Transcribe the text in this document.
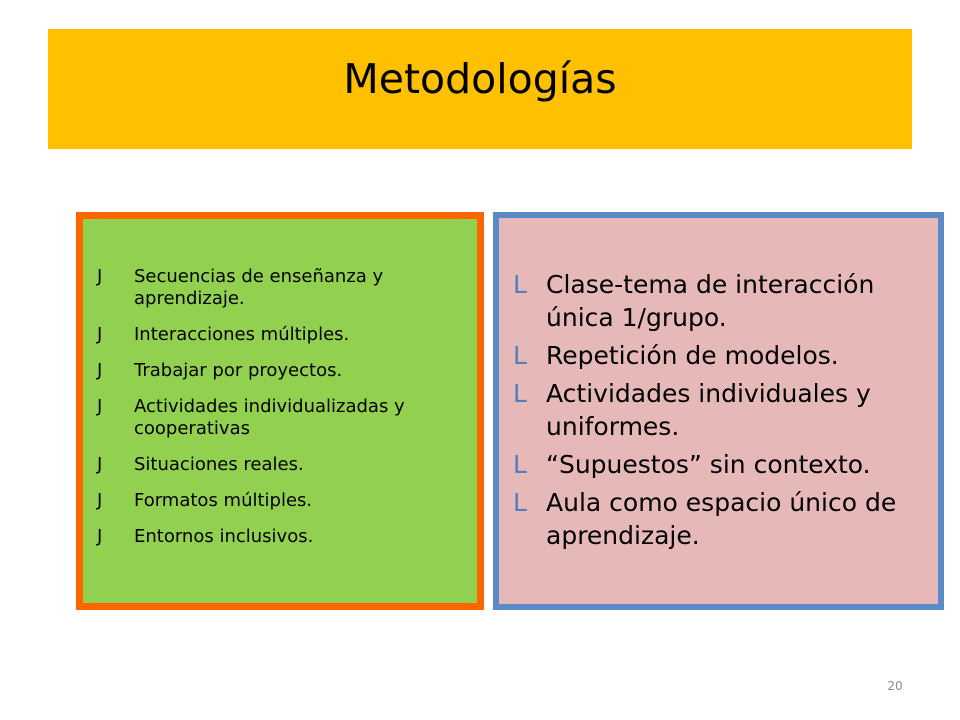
Metodologías
J	Secuencias de enseñanza y aprendizaje.
J	Interacciones múltiples.
J	Trabajar por proyectos.
J	Actividades individualizadas y cooperativas
J	Situaciones reales.
J	Formatos múltiples.
J	Entornos inclusivos.
L Clase-tema de interacción única 1/grupo.
L Repetición de modelos.
L Actividades individuales y uniformes.
L “Supuestos” sin contexto.
L Aula como espacio único de aprendizaje.
20
